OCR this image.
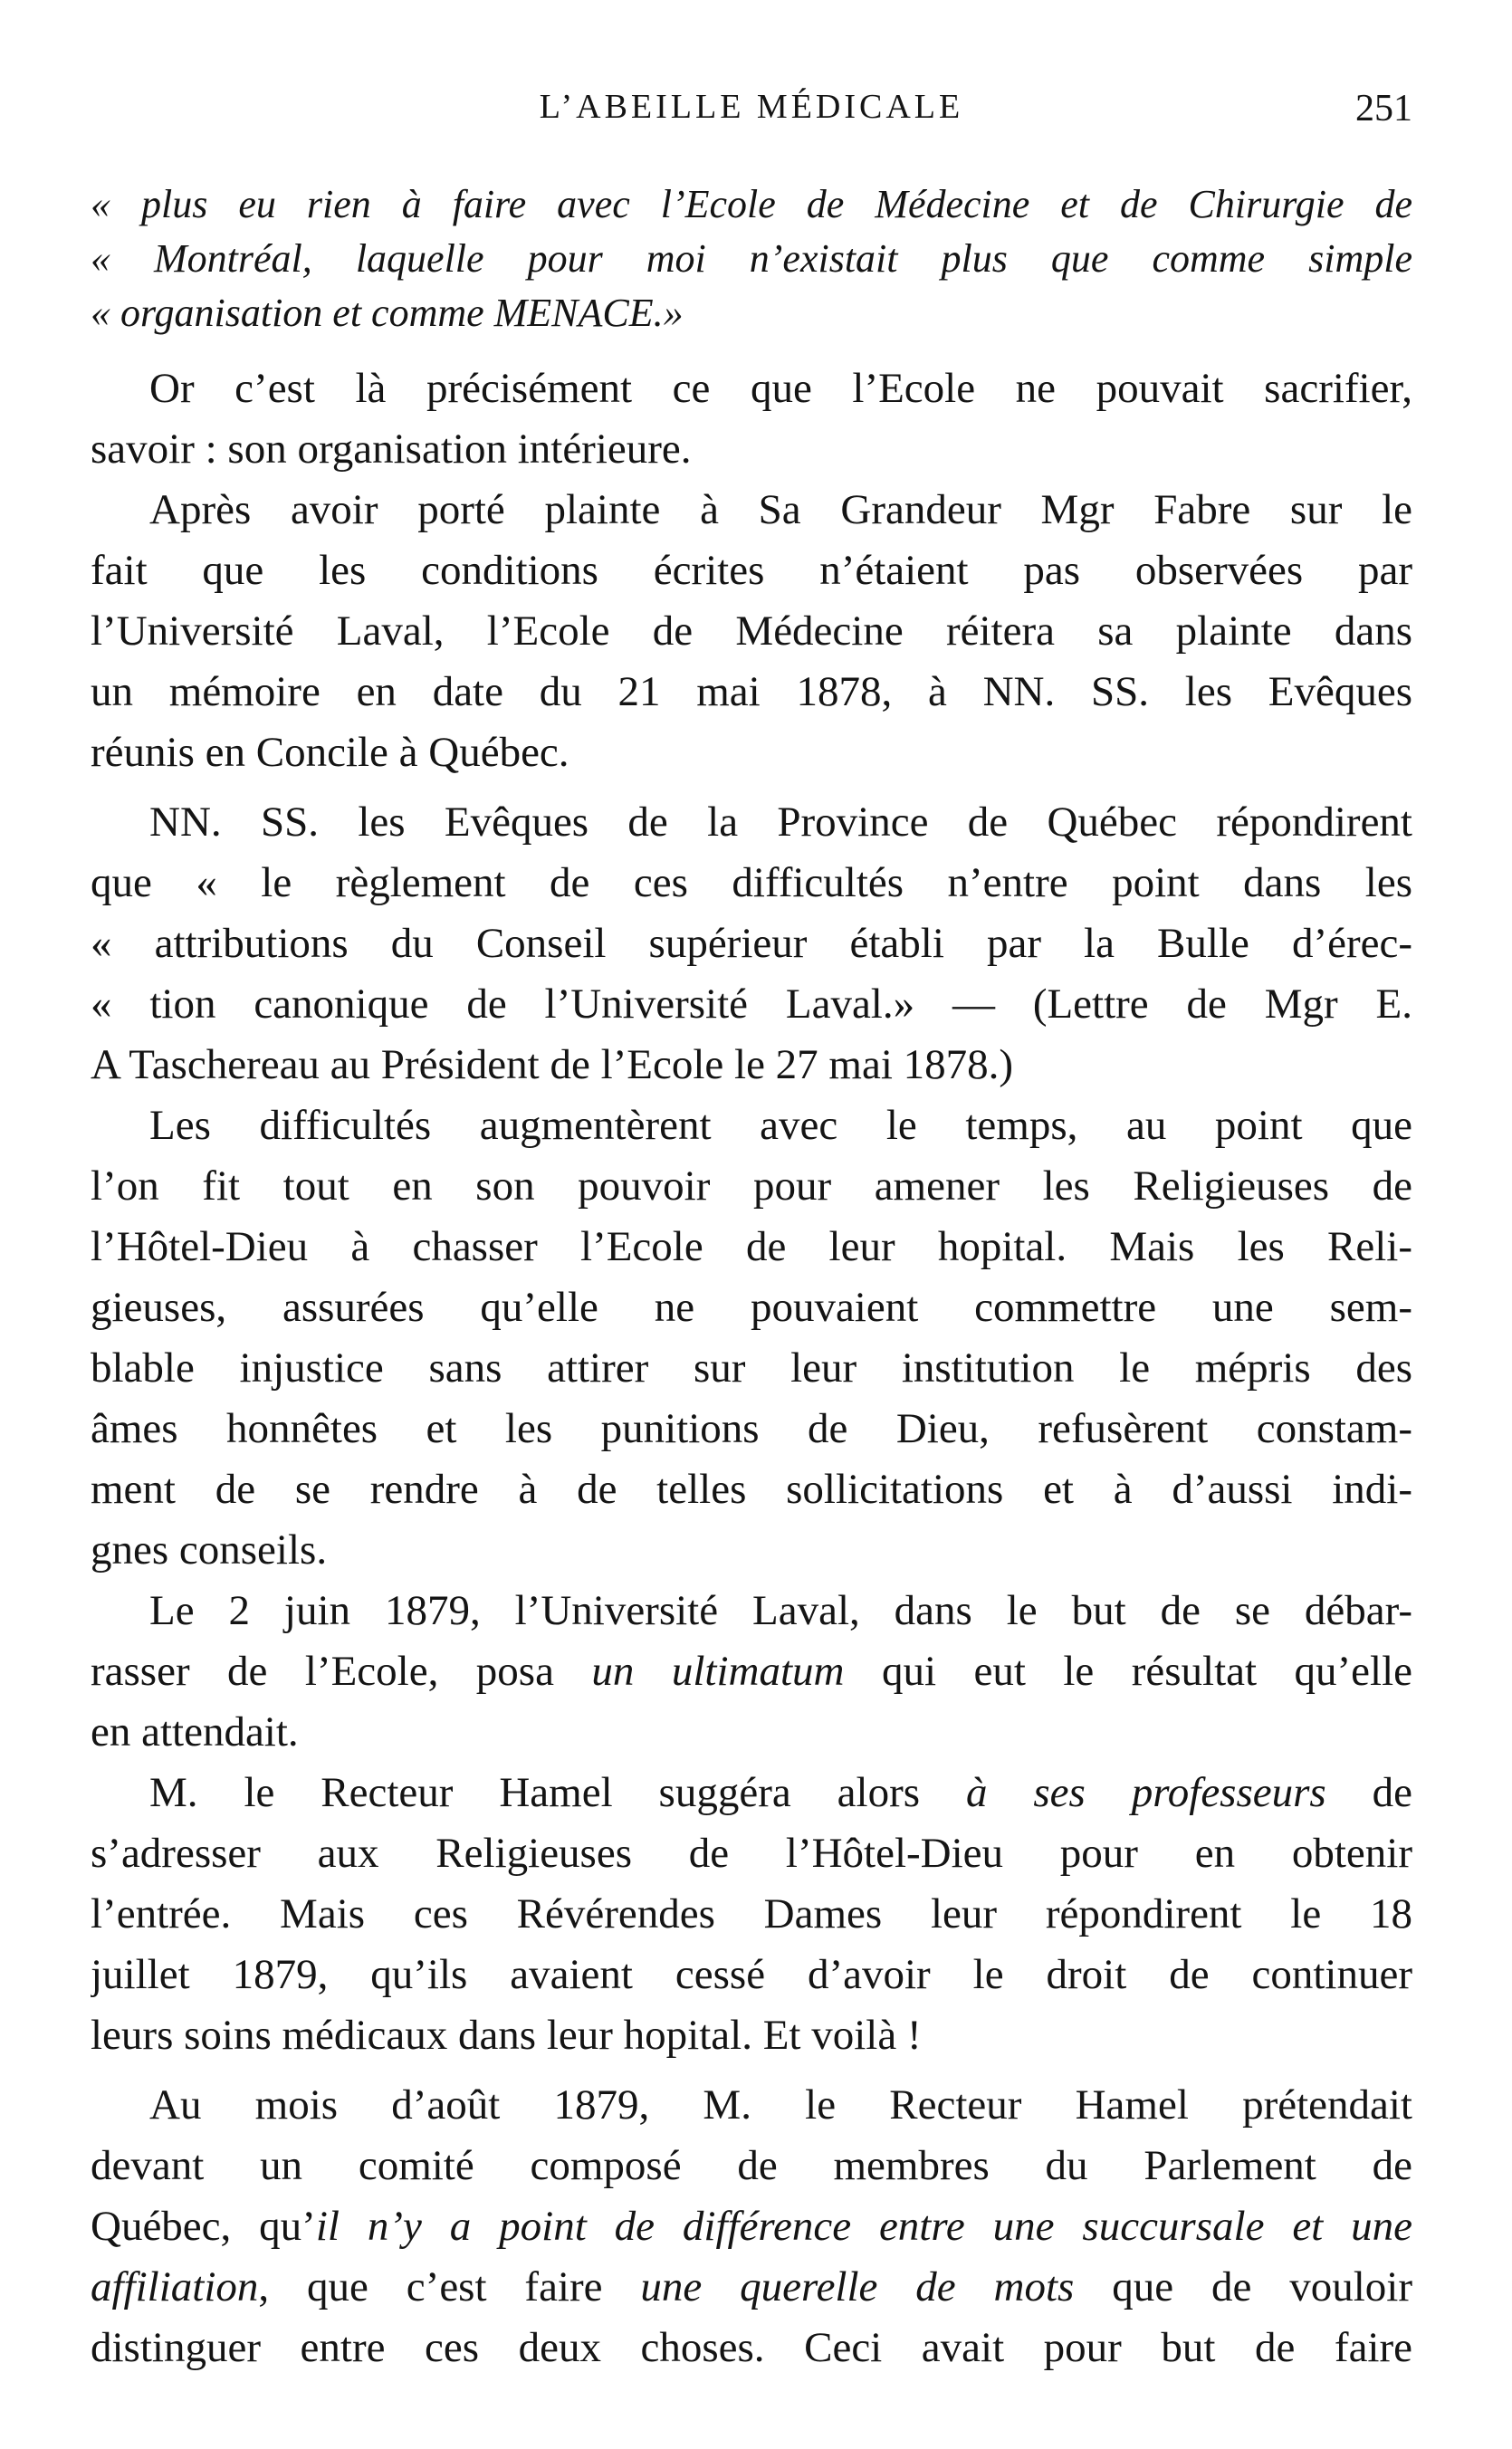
L’ABEILLE MÉDICALE	251
« plus eu rien à faire avec l’Ecole de Médecine et de Chirurgie de
« Montréal, laquelle pour moi n’existait plus que comme simple
« organisation et comme MENACE.»
Or c’est là précisément ce que l’Ecole ne pouvait sacrifier,
savoir : son organisation intérieure.
Après avoir porté plainte à Sa Grandeur Mgr Fabre sur le
fait que les conditions écrites n’étaient pas observées par
l’Université Laval, l’Ecole de Médecine réitera sa plainte dans
un mémoire en date du 21 mai 1878, à NN. SS. les Evêques
réunis en Concile à Québec.
NN. SS. les Evêques de la Province de Québec répondirent
que « le règlement de ces difficultés n’entre point dans les
« attributions du Conseil supérieur établi par la Bulle d’érec-
« tion canonique de l’Université Laval.» — (Lettre de Mgr E.
A Taschereau au Président de l’Ecole le 27 mai 1878.)
Les difficultés augmentèrent avec le temps, au point que
l’on fit tout en son pouvoir pour amener les Religieuses de
l’Hôtel-Dieu à chasser l’Ecole de leur hopital. Mais les Reli-
gieuses, assurées qu’elle ne pouvaient commettre une sem-
blable injustice sans attirer sur leur institution le mépris des
âmes honnêtes et les punitions de Dieu, refusèrent constam-
ment de se rendre à de telles sollicitations et à d’aussi indi-
gnes conseils.
Le 2 juin 1879, l’Université Laval, dans le but de se débar-
rasser de l’Ecole, posa un ultimatum qui eut le résultat qu’elle
en attendait.
M. le Recteur Hamel suggéra alors à ses professeurs de
s’adresser aux Religieuses de l’Hôtel-Dieu pour en obtenir
l’entrée. Mais ces Révérendes Dames leur répondirent le 18
juillet 1879, qu’ils avaient cessé d’avoir le droit de continuer
leurs soins médicaux dans leur hopital. Et voilà !
Au mois d’août 1879, M. le Recteur Hamel prétendait
devant un comité composé de membres du Parlement de
Québec, qu’il n’y a point de différence entre une succursale et une
affiliation, que c’est faire une querelle de mots que de vouloir
distinguer entre ces deux choses. Ceci avait pour but de faire
